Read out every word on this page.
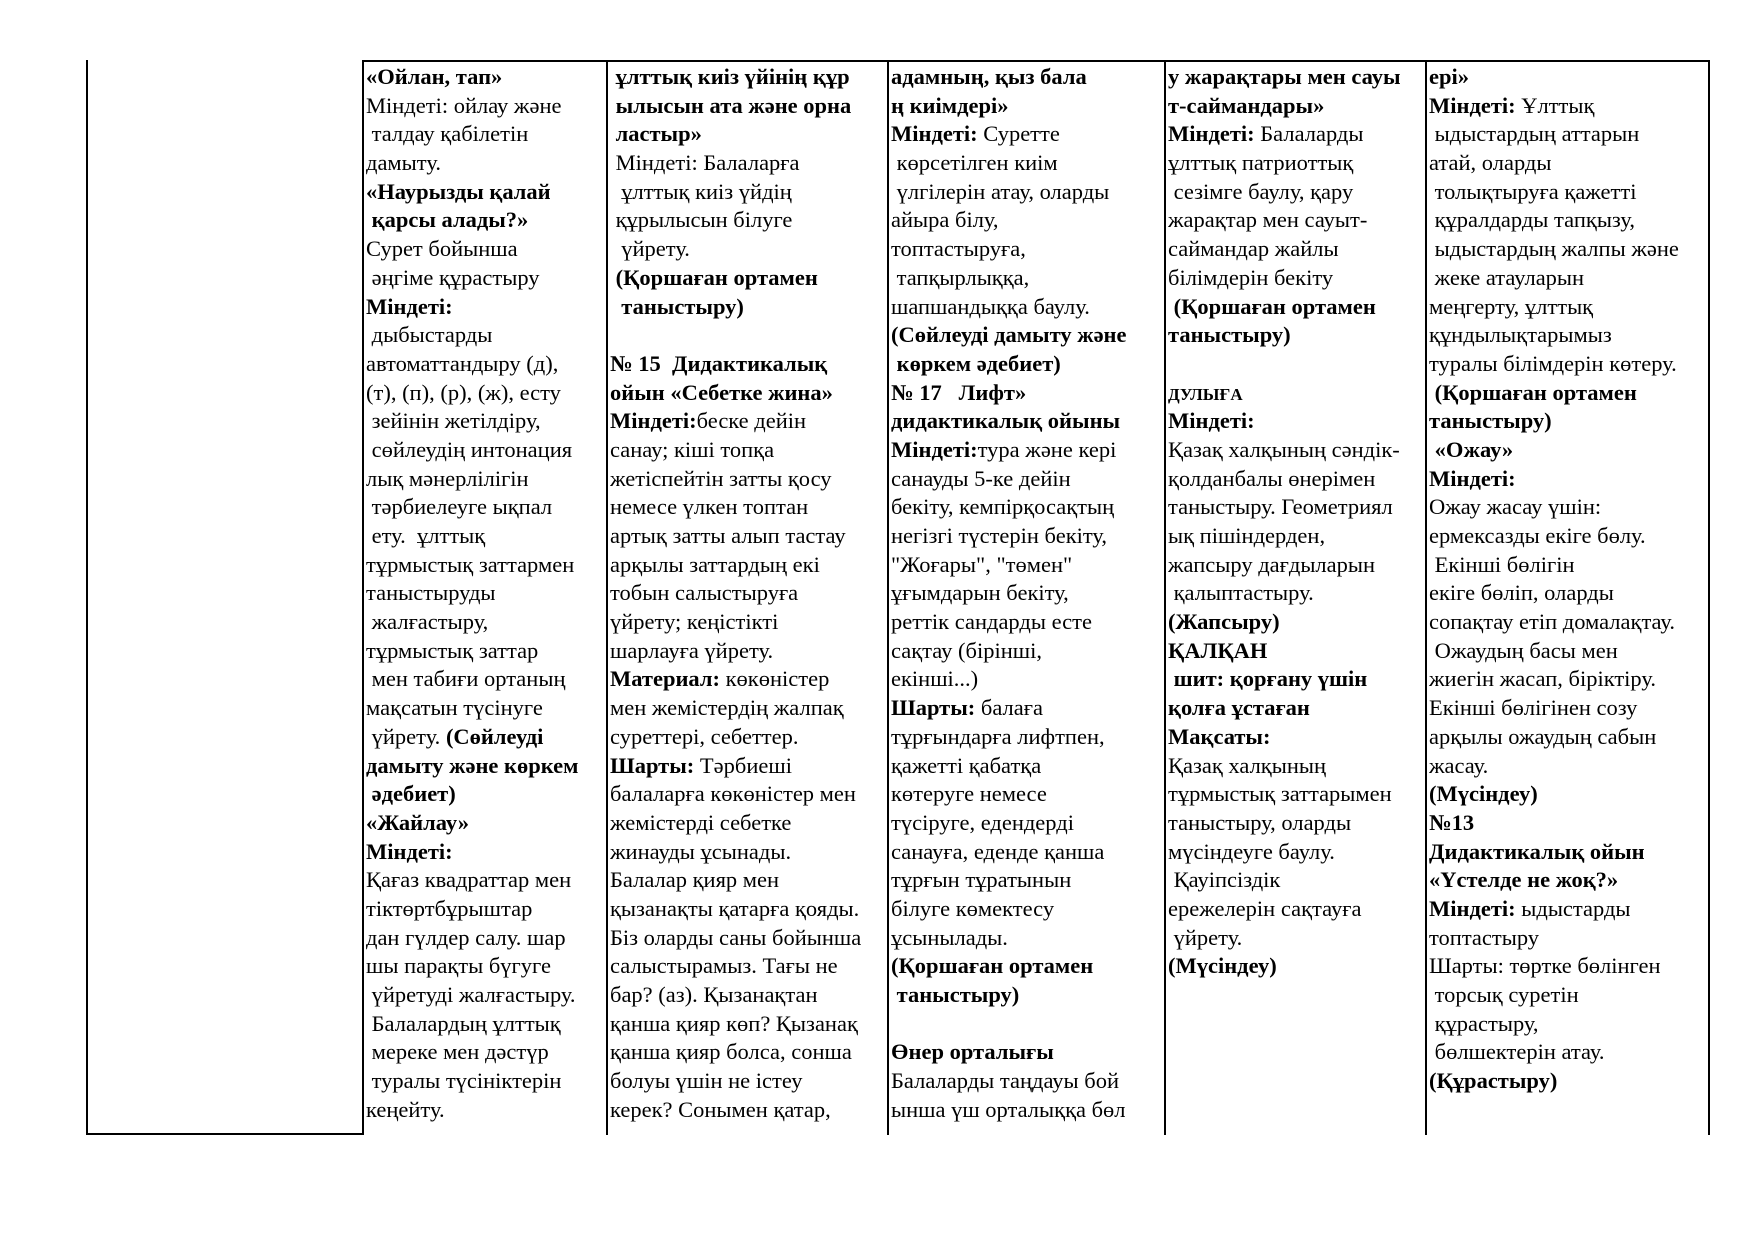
«Ойлан, тап»
Міндеті: ойлау және
талдау қабілетін
дамыту.
«Наурызды қалай
қарсы алады?»
Сурет бойынша
әңгіме құрастыру
Міндеті:
дыбыстарды
автоматтандыру (д),
(т), (п), (р), (ж), есту
зейінін жетілдіру,
сөйлеудің интонация
лық мәнерлілігін
тәрбиелеуге ықпал
ету.  ұлттық
тұрмыстық заттармен
таныстыруды
жалғастыру,
тұрмыстық заттар
мен табиғи ортаның
мақсатын түсінуге
үйрету. (Сөйлеуді
дамыту және көркем
әдебиет)
«Жайлау»
Міндеті:
Қағаз квадраттар мен
тіктөртбұрыштар
дан гүлдер салу. шар
шы парақты бүгуге
үйретуді жалғастыру.
Балалардың ұлттық
мереке мен дәстүр
туралы түсініктерін
кеңейту.
ұлттық киіз үйінің құр
ылысын ата және орна
ластыр»
Міндеті: Балаларға
ұлттық киіз үйдің
құрылысын білуге
үйрету.
(Қоршаған ортамен
таныстыру)
№ 15  Дидактикалық
ойын «Себетке жина»
Міндеті:беске дейін
санау; кіші топқа
жетіспейтін затты қосу
немесе үлкен топтан
артық затты алып тастау
арқылы заттардың екі
тобын салыстыруға
үйрету; кеңістікті
шарлауға үйрету.
Материал: көкөністер
мен жемістердің жалпақ
суреттері, себеттер.
Шарты: Тәрбиеші
балаларға көкөністер мен
жемістерді себетке
жинауды ұсынады.
Балалар қияр мен
қызанақты қатарға қояды.
Біз оларды саны бойынша
салыстырамыз. Тағы не
бар? (аз). Қызанақтан
қанша қияр көп? Қызанақ
қанша қияр болса, сонша
болуы үшін не істеу
керек? Сонымен қатар,
адамның, қыз бала
ң киімдері»
Міндеті: Суретте
көрсетілген киім
үлгілерін атау, оларды
айыра білу,
топтастыруға,
тапқырлыққа,
шапшандыққа баулу.
(Сөйлеуді дамыту және
көркем әдебиет)
№ 17   Лифт»
дидактикалық ойыны
Міндеті:тура және кері
санауды 5-ке дейін
бекіту, кемпірқосақтың
негізгі түстерін бекіту,
"Жоғары", "төмен"
ұғымдарын бекіту,
реттік сандарды есте
сақтау (бірінші,
екінші...)
Шарты: балаға
тұрғындарға лифтпен,
қажетті қабатқа
көтеруге немесе
түсіруге, едендерді
санауға, еденде қанша
тұрғын тұратынын
білуге көмектесу
ұсынылады.
(Қоршаған ортамен
таныстыру)
Өнер орталығы
Балаларды таңдауы бой
ынша үш орталыққа бөл
у жарақтары мен сауы
т-саймандары»
Міндеті: Балаларды
ұлттық патриоттық
сезімге баулу, қару
жарақтар мен сауыт-
саймандар жайлы
білімдерін бекіту
(Қоршаған ортамен
таныстыру)
ДУЛЫҒА
Міндеті:
Қазақ халқының сәндік-
қолданбалы өнерімен
таныстыру. Геометриял
ық пішіндерден,
жапсыру дағдыларын
қалыптастыру.
(Жапсыру)
ҚАЛҚАН
шит: қорғану үшін
қолға ұстаған
Мақсаты:
Қазақ халқының
тұрмыстық заттарымен
таныстыру, оларды
мүсіндеуге баулу.
Қауіпсіздік
ережелерін сақтауға
үйрету.
(Мүсіндеу)
ері»
Міндеті: Ұлттық
ыдыстардың аттарын
атай, оларды
толықтыруға қажетті
құралдарды тапқызу,
ыдыстардың жалпы және
жеке атауларын
меңгерту, ұлттық
құндылықтарымыз
туралы білімдерін көтеру.
(Қоршаған ортамен
таныстыру)
«Ожау»
Міндеті:
Ожау жасау үшін:
ермексазды екіге бөлу.
Екінші бөлігін
екіге бөліп, оларды
сопақтау етіп домалақтау.
Ожаудың басы мен
жиегін жасап, біріктіру.
Екінші бөлігінен созу
арқылы ожаудың сабын
жасау.
(Мүсіндеу)
№13
Дидактикалық ойын
«Үстелде не жоқ?»
Міндеті: ыдыстарды
топтастыру
Шарты: төртке бөлінген
торсық суретін
құрастыру,
бөлшектерін атау.
(Құрастыру)
